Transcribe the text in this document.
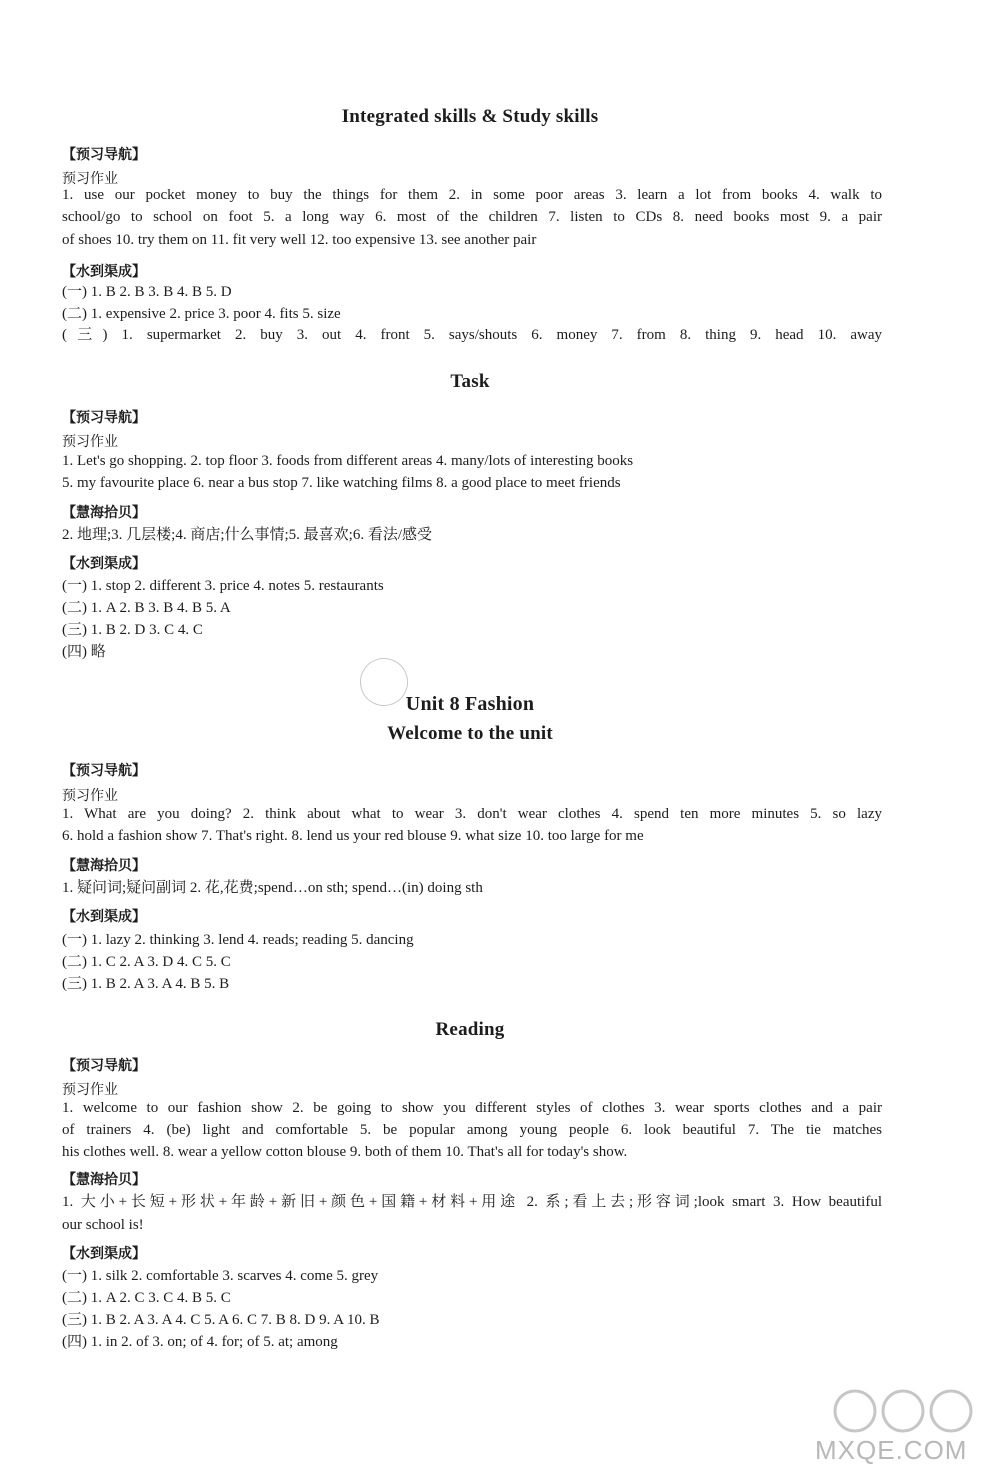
Integrated skills & Study skills
【预习导航】
预习作业
1. use our pocket money to buy the things for them 2. in some poor areas 3. learn a lot from books 4. walk to
school/go to school on foot 5. a long way 6. most of the children 7. listen to CDs 8. need books most 9. a pair
of shoes 10. try them on 11. fit very well 12. too expensive 13. see another pair
【水到渠成】
(一) 1. B 2. B 3. B 4. B 5. D
(二) 1. expensive 2. price 3. poor 4. fits 5. size
(三) 1. supermarket 2. buy 3. out 4. front 5. says/shouts 6. money 7. from 8. thing 9. head 10. away
Task
【预习导航】
预习作业
1. Let's go shopping. 2. top floor 3. foods from different areas 4. many/lots of interesting books
5. my favourite place 6. near a bus stop 7. like watching films 8. a good place to meet friends
【慧海拾贝】
2. 地理;3. 几层楼;4. 商店;什么事情;5. 最喜欢;6. 看法/感受
【水到渠成】
(一) 1. stop 2. different 3. price 4. notes 5. restaurants
(二) 1. A 2. B 3. B 4. B 5. A
(三) 1. B 2. D 3. C 4. C
(四) 略
Unit 8 Fashion
Welcome to the unit
【预习导航】
预习作业
1. What are you doing? 2. think about what to wear 3. don't wear clothes 4. spend ten more minutes 5. so lazy
6. hold a fashion show 7. That's right. 8. lend us your red blouse 9. what size 10. too large for me
【慧海拾贝】
1. 疑问词;疑问副词 2. 花,花费;spend…on sth; spend…(in) doing sth
【水到渠成】
(一) 1. lazy 2. thinking 3. lend 4. reads; reading 5. dancing
(二) 1. C 2. A 3. D 4. C 5. C
(三) 1. B 2. A 3. A 4. B 5. B
Reading
【预习导航】
预习作业
1. welcome to our fashion show 2. be going to show you different styles of clothes 3. wear sports clothes and a pair
of trainers 4. (be) light and comfortable 5. be popular among young people 6. look beautiful 7. The tie matches
his clothes well. 8. wear a yellow cotton blouse 9. both of them 10. That's all for today's show.
【慧海拾贝】
1. 大小+长短+形状+年龄+新旧+颜色+国籍+材料+用途 2. 系;看上去;形容词;look smart 3. How beautiful
our school is!
【水到渠成】
(一) 1. silk 2. comfortable 3. scarves 4. come 5. grey
(二) 1. A 2. C 3. C 4. B 5. C
(三) 1. B 2. A 3. A 4. C 5. A 6. C 7. B 8. D 9. A 10. B
(四) 1. in 2. of 3. on; of 4. for; of 5. at; among
MXQE.COM
